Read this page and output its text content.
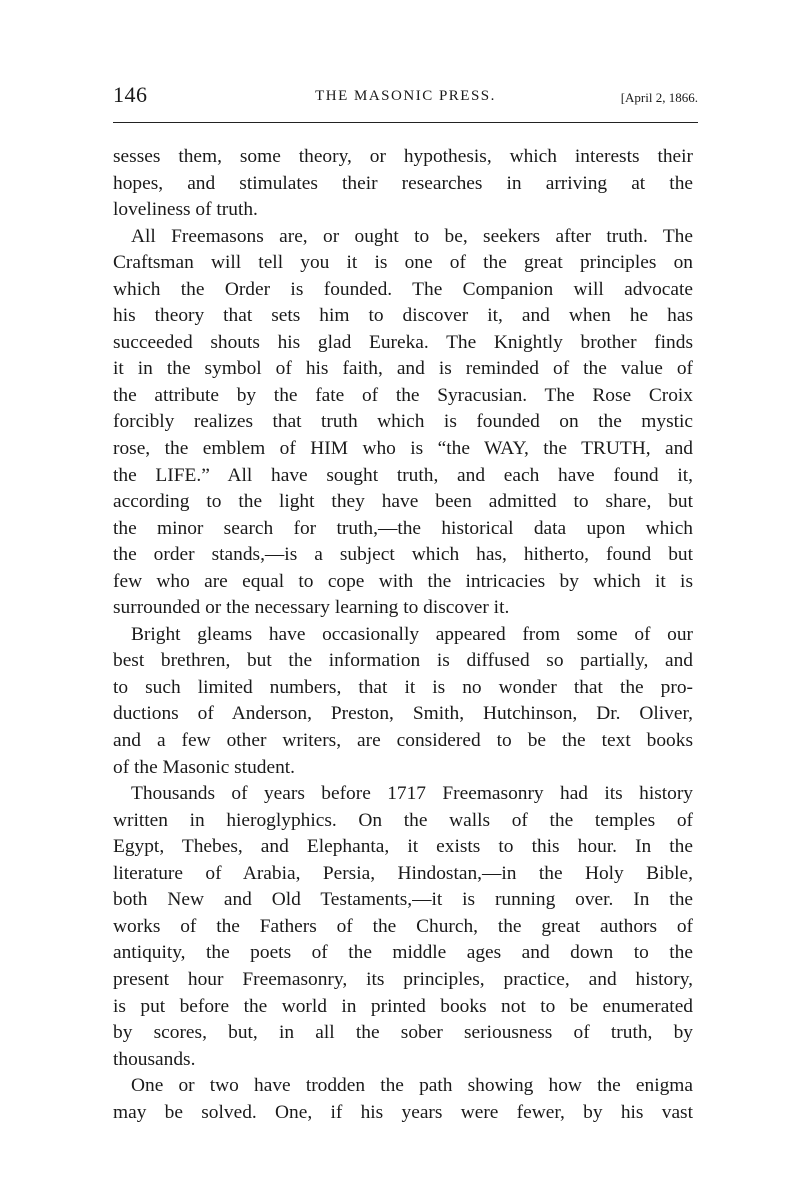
146	THE MASONIC PRESS.	[April 2, 1866.
sesses them, some theory, or hypothesis, which interests their
hopes, and stimulates their researches in arriving at the
loveliness of truth.
All Freemasons are, or ought to be, seekers after truth. The
Craftsman will tell you it is one of the great principles on
which the Order is founded. The Companion will advocate
his theory that sets him to discover it, and when he has
succeeded shouts his glad Eureka. The Knightly brother finds
it in the symbol of his faith, and is reminded of the value of
the attribute by the fate of the Syracusian. The Rose Croix
forcibly realizes that truth which is founded on the mystic
rose, the emblem of HIM who is “the WAY, the TRUTH, and
the LIFE.” All have sought truth, and each have found it,
according to the light they have been admitted to share, but
the minor search for truth,—the historical data upon which
the order stands,—is a subject which has, hitherto, found but
few who are equal to cope with the intricacies by which it is
surrounded or the necessary learning to discover it.
Bright gleams have occasionally appeared from some of our
best brethren, but the information is diffused so partially, and
to such limited numbers, that it is no wonder that the pro-
ductions of Anderson, Preston, Smith, Hutchinson, Dr. Oliver,
and a few other writers, are considered to be the text books
of the Masonic student.
Thousands of years before 1717 Freemasonry had its history
written in hieroglyphics. On the walls of the temples of
Egypt, Thebes, and Elephanta, it exists to this hour. In the
literature of Arabia, Persia, Hindostan,—in the Holy Bible,
both New and Old Testaments,—it is running over. In the
works of the Fathers of the Church, the great authors of
antiquity, the poets of the middle ages and down to the
present hour Freemasonry, its principles, practice, and history,
is put before the world in printed books not to be enumerated
by scores, but, in all the sober seriousness of truth, by
thousands.
One or two have trodden the path showing how the enigma
may be solved. One, if his years were fewer, by his vast
